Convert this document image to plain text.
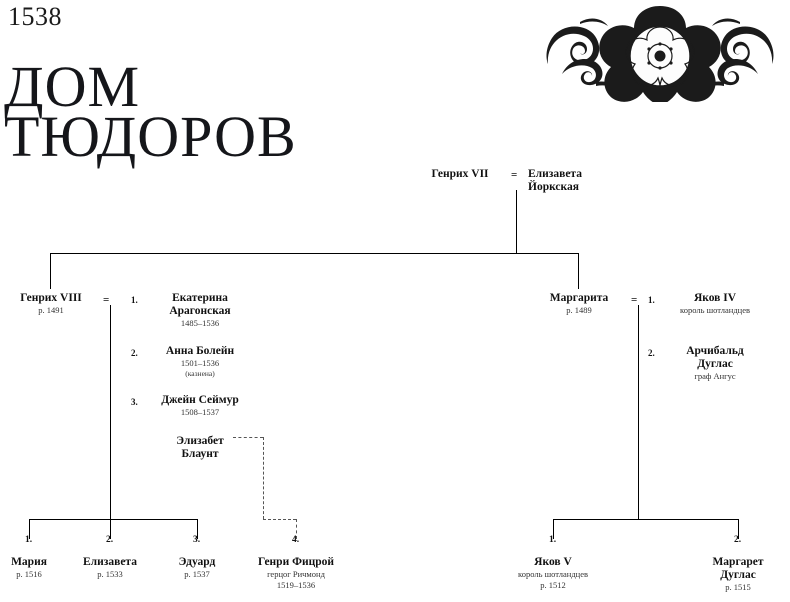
1538
ДОМ
ТЮДОРОВ
Генрих VII	= Елизавета
Йоркская
Генрих VIII
р. 1491
= 1.	Екатерина
Арагонская
1485–1536
2.	Анна Болейн
1501–1536
(казнена)
3.	Джейн Сеймур
1508–1537
Элизабет
Блаунт
1.
Мария
р. 1516
2.
Елизавета
р. 1533
3.
Эдуард
р. 1537
4.
Генри Фицрой
герцог Ричмонд
1519–1536
Маргарита
р. 1489
= 1.	Яков IV
король шотландцев
2.	Арчибальд
Дуглас
граф Ангус
1.
Яков V
король шотландцев
р. 1512
2.
Маргарет
Дуглас
р. 1515
